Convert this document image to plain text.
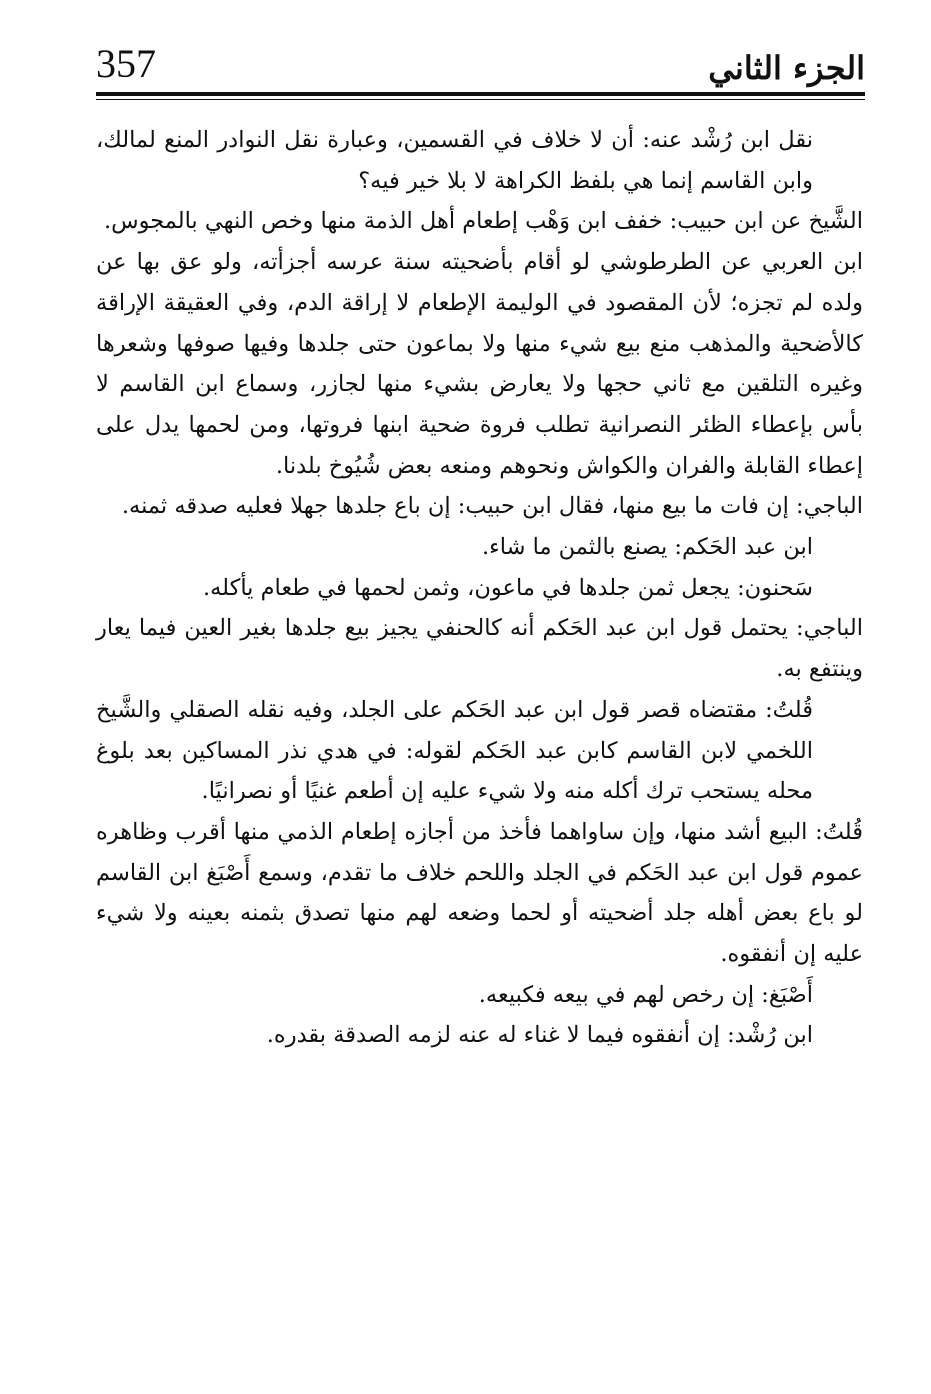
357	الجزء الثاني

نقل ابن رُشْد عنه: أن لا خلاف في القسمين، وعبارة نقل النوادر المنع لمالك، وابن القاسم إنما هي بلفظ الكراهة لا بلا خير فيه؟

الشَّيخ عن ابن حبيب: خفف ابن وَهْب إطعام أهل الذمة منها وخص النهي بالمجوس.

ابن العربي عن الطرطوشي لو أقام بأضحيته سنة عرسه أجزأته، ولو عق بها عن ولده لم تجزه؛ لأن المقصود في الوليمة الإطعام لا إراقة الدم، وفي العقيقة الإراقة كالأضحية والمذهب منع بيع شيء منها ولا بماعون حتى جلدها وفيها صوفها وشعرها وغيره التلقين مع ثاني حجها ولا يعارض بشيء منها لجازر، وسماع ابن القاسم لا بأس بإعطاء الظئر النصرانية تطلب فروة ضحية ابنها فروتها، ومن لحمها يدل على إعطاء القابلة والفران والكواش ونحوهم ومنعه بعض شُيُوخ بلدنا.

الباجي: إن فات ما بيع منها، فقال ابن حبيب: إن باع جلدها جهلا فعليه صدقه ثمنه.

ابن عبد الحَكم: يصنع بالثمن ما شاء.

سَحنون: يجعل ثمن جلدها في ماعون، وثمن لحمها في طعام يأكله.

الباجي: يحتمل قول ابن عبد الحَكم أنه كالحنفي يجيز بيع جلدها بغير العين فيما يعار وينتفع به.

قُلتُ: مقتضاه قصر قول ابن عبد الحَكم على الجلد، وفيه نقله الصقلي والشَّيخ اللخمي لابن القاسم كابن عبد الحَكم لقوله: في هدي نذر المساكين بعد بلوغ محله يستحب ترك أكله منه ولا شيء عليه إن أطعم غنيًا أو نصرانيًا.

قُلتُ: البيع أشد منها، وإن ساواهما فأخذ من أجازه إطعام الذمي منها أقرب وظاهره عموم قول ابن عبد الحَكم في الجلد واللحم خلاف ما تقدم، وسمع أَصْبَغ ابن القاسم لو باع بعض أهله جلد أضحيته أو لحما وضعه لهم منها تصدق بثمنه بعينه ولا شيء عليه إن أنفقوه.

أَصْبَغ: إن رخص لهم في بيعه فكبيعه.

ابن رُشْد: إن أنفقوه فيما لا غناء له عنه لزمه الصدقة بقدره.
